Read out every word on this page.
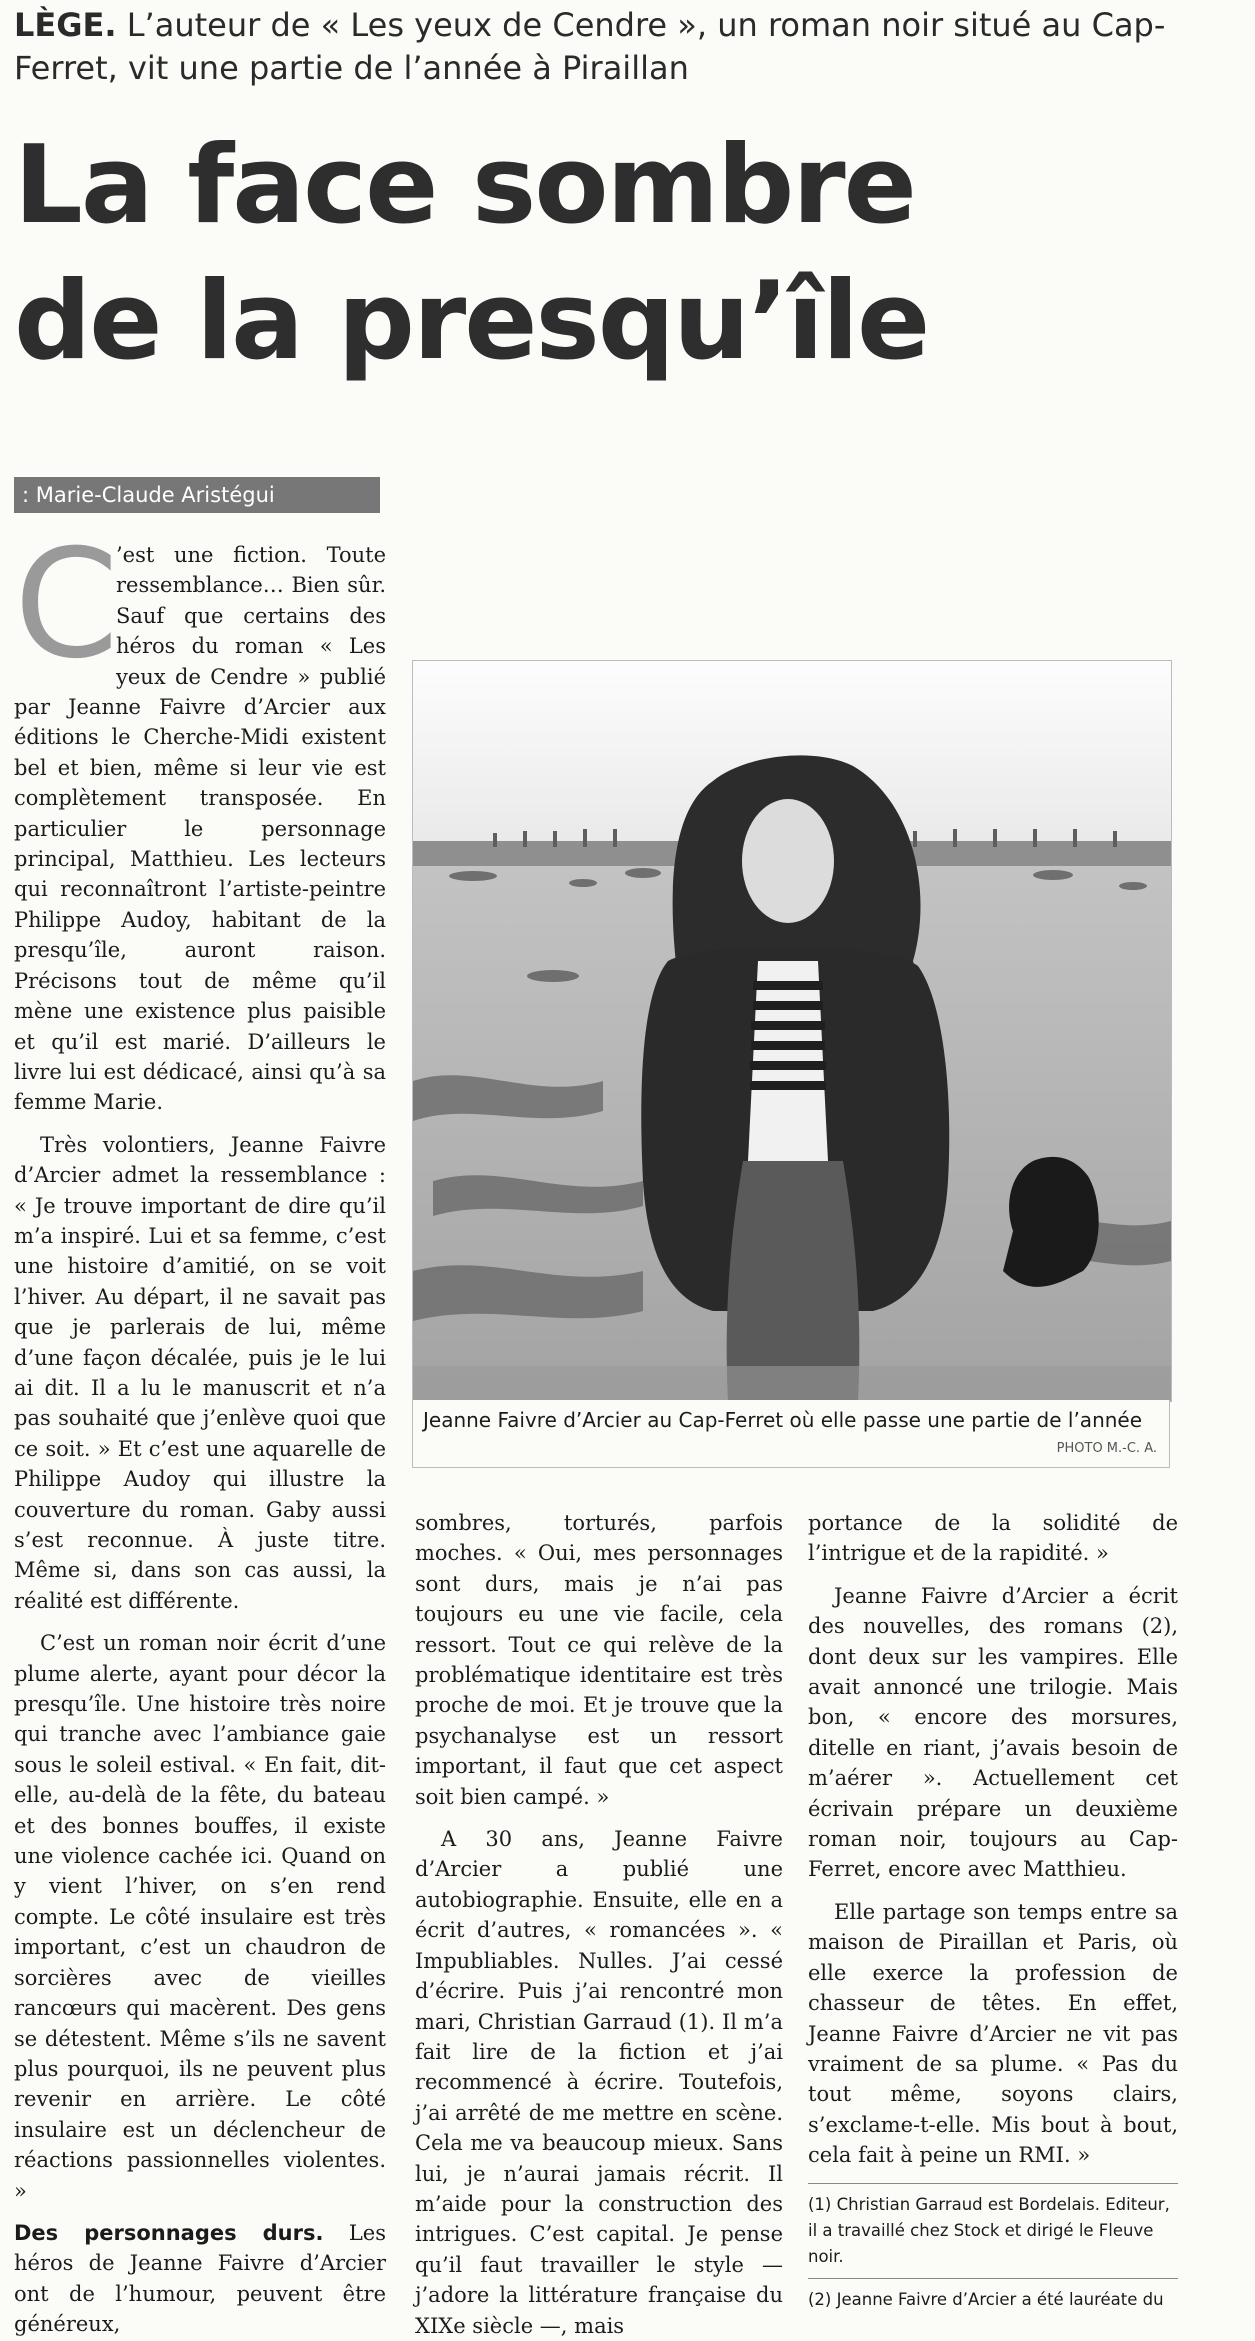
LÈGE. L’auteur de « Les yeux de Cendre », un roman noir situé au Cap-Ferret, vit une partie de l’année à Piraillan
La face sombre
de la presqu’île
: Marie-Claude Aristégui

C
’est une fiction. Toute ressemblance… Bien sûr. Sauf que certains des héros du roman « Les yeux de Cendre » publié par Jeanne Faivre d’Arcier aux éditions le Cherche-Midi existent bel et bien, même si leur vie est complètement transposée. En particulier le personnage principal, Matthieu. Les lecteurs qui reconnaîtront l’artiste-peintre Philippe Audoy, habitant de la presqu’île, auront raison. Précisons tout de même qu’il mène une existence plus paisible et qu’il est marié. D’ailleurs le livre lui est dédicacé, ainsi qu’à sa femme Marie.

Très volontiers, Jeanne Faivre d’Arcier admet la ressemblance : « Je trouve important de dire qu’il m’a inspiré. Lui et sa femme, c’est une histoire d’amitié, on se voit l’hiver. Au départ, il ne savait pas que je parlerais de lui, même d’une façon décalée, puis je le lui ai dit. Il a lu le manuscrit et n’a pas souhaité que j’enlève quoi que ce soit. » Et c’est une aquarelle de Philippe Audoy qui illustre la couverture du roman. Gaby aussi s’est reconnue. À juste titre. Même si, dans son cas aussi, la réalité est différente.

C’est un roman noir écrit d’une plume alerte, ayant pour décor la presqu’île. Une histoire très noire qui tranche avec l’ambiance gaie sous le soleil estival. « En fait, dit-elle, au-delà de la fête, du bateau et des bonnes bouffes, il existe une violence cachée ici. Quand on y vient l’hiver, on s’en rend compte. Le côté insulaire est très important, c’est un chaudron de sorcières avec de vieilles rancœurs qui macèrent. Des gens se détestent. Même s’ils ne savent plus pourquoi, ils ne peuvent plus revenir en arrière. Le côté insulaire est un déclencheur de réactions passionnelles violentes. »

Des personnages durs. Les héros de Jeanne Faivre d’Arcier ont de l’humour, peuvent être généreux,

Jeanne Faivre d’Arcier au Cap-Ferret où elle passe une partie de l’année
PHOTO M.-C. A.

sombres, torturés, parfois moches. « Oui, mes personnages sont durs, mais je n’ai pas toujours eu une vie facile, cela ressort. Tout ce qui relève de la problématique identitaire est très proche de moi. Et je trouve que la psychanalyse est un ressort important, il faut que cet aspect soit bien campé. »

A 30 ans, Jeanne Faivre d’Arcier a publié une autobiographie. Ensuite, elle en a écrit d’autres, « romancées ». « Impubliables. Nulles. J’ai cessé d’écrire. Puis j’ai rencontré mon mari, Christian Garraud (1). Il m’a fait lire de la fiction et j’ai recommencé à écrire. Toutefois, j’ai arrêté de me mettre en scène. Cela me va beaucoup mieux. Sans lui, je n’aurai jamais récrit. Il m’aide pour la construction des intrigues. C’est capital. Je pense qu’il faut travailler le style — j’adore la littérature française du XIXe siècle —, mais

portance de la solidité de l’intrigue et de la rapidité. »

Jeanne Faivre d’Arcier a écrit des nouvelles, des romans (2), dont deux sur les vampires. Elle avait annoncé une trilogie. Mais bon, « encore des morsures, ditelle en riant, j’avais besoin de m’aérer ». Actuellement cet écrivain prépare un deuxième roman noir, toujours au Cap-Ferret, encore avec Matthieu.

Elle partage son temps entre sa maison de Piraillan et Paris, où elle exerce la profession de chasseur de têtes. En effet, Jeanne Faivre d’Arcier ne vit pas vraiment de sa plume. « Pas du tout même, soyons clairs, s’exclame-t-elle. Mis bout à bout, cela fait à peine un RMI. »

(1) Christian Garraud est Bordelais. Editeur, il a travaillé chez Stock et dirigé le Fleuve noir.
(2) Jeanne Faivre d’Arcier a été lauréate du
